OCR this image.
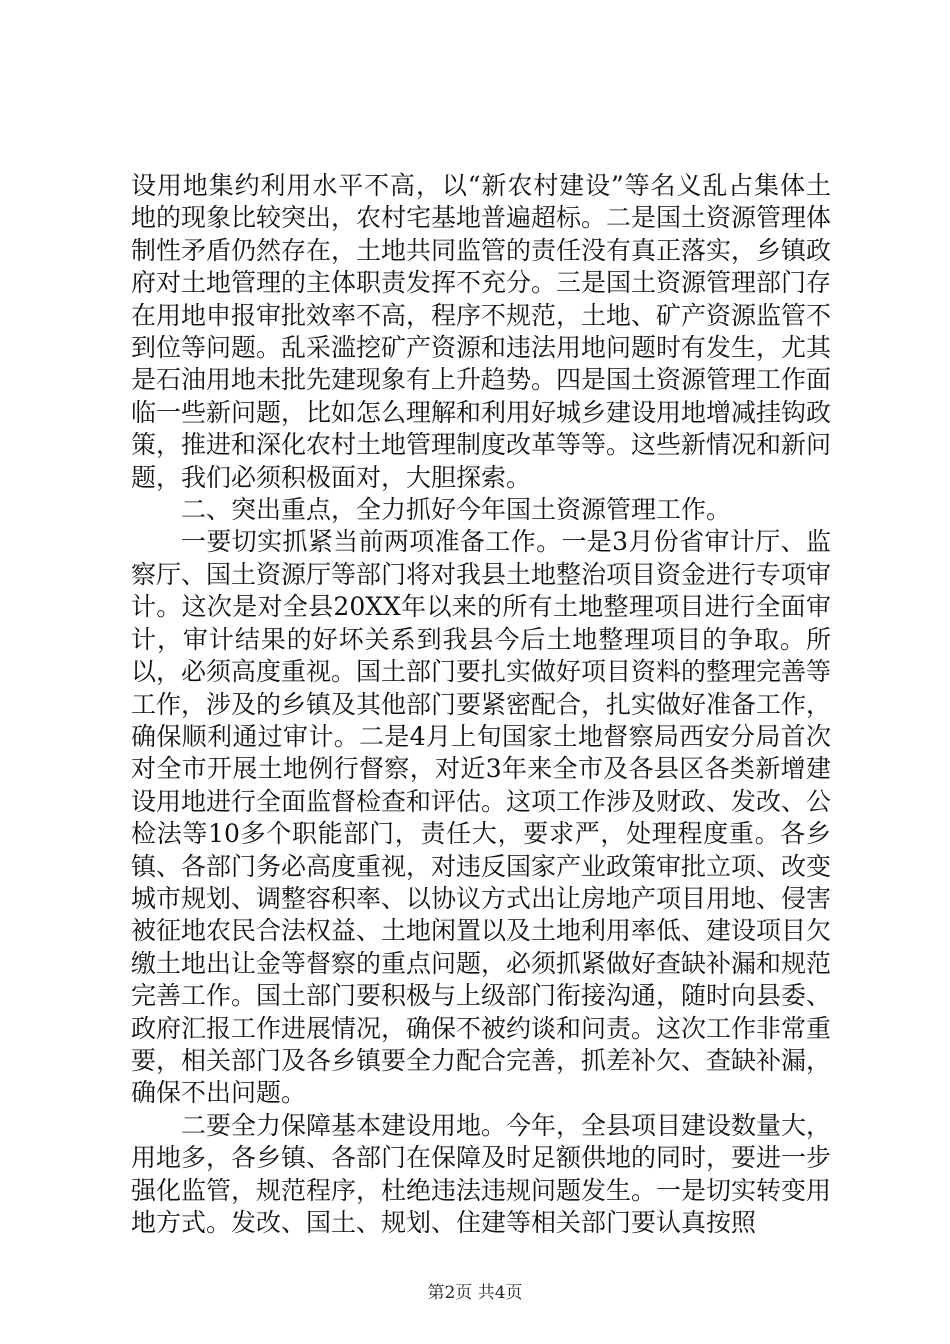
设用地集约利用水平不高，以“新农村建设”等名义乱占集体土地的现象比较突出，农村宅基地普遍超标。二是国土资源管理体制性矛盾仍然存在，土地共同监管的责任没有真正落实，乡镇政府对土地管理的主体职责发挥不充分。三是国土资源管理部门存在用地申报审批效率不高，程序不规范，土地、矿产资源监管不到位等问题。乱采滥挖矿产资源和违法用地问题时有发生，尤其是石油用地未批先建现象有上升趋势。四是国土资源管理工作面临一些新问题，比如怎么理解和利用好城乡建设用地增减挂钩政策，推进和深化农村土地管理制度改革等等。这些新情况和新问题，我们必须积极面对，大胆探索。

二、突出重点，全力抓好今年国土资源管理工作。

一要切实抓紧当前两项准备工作。一是3月份省审计厅、监察厅、国土资源厅等部门将对我县土地整治项目资金进行专项审计。这次是对全县20XX年以来的所有土地整理项目进行全面审计，审计结果的好坏关系到我县今后土地整理项目的争取。所以，必须高度重视。国土部门要扎实做好项目资料的整理完善等工作，涉及的乡镇及其他部门要紧密配合，扎实做好准备工作，确保顺利通过审计。二是4月上旬国家土地督察局西安分局首次对全市开展土地例行督察，对近3年来全市及各县区各类新增建设用地进行全面监督检查和评估。这项工作涉及财政、发改、公检法等10多个职能部门，责任大，要求严，处理程度重。各乡镇、各部门务必高度重视，对违反国家产业政策审批立项、改变城市规划、调整容积率、以协议方式出让房地产项目用地、侵害被征地农民合法权益、土地闲置以及土地利用率低、建设项目欠缴土地出让金等督察的重点问题，必须抓紧做好查缺补漏和规范完善工作。国土部门要积极与上级部门衔接沟通，随时向县委、政府汇报工作进展情况，确保不被约谈和问责。这次工作非常重要，相关部门及各乡镇要全力配合完善，抓差补欠、查缺补漏，确保不出问题。

二要全力保障基本建设用地。今年，全县项目建设数量大，用地多，各乡镇、各部门在保障及时足额供地的同时，要进一步强化监管，规范程序，杜绝违法违规问题发生。一是切实转变用地方式。发改、国土、规划、住建等相关部门要认真按照

第2页 共4页
